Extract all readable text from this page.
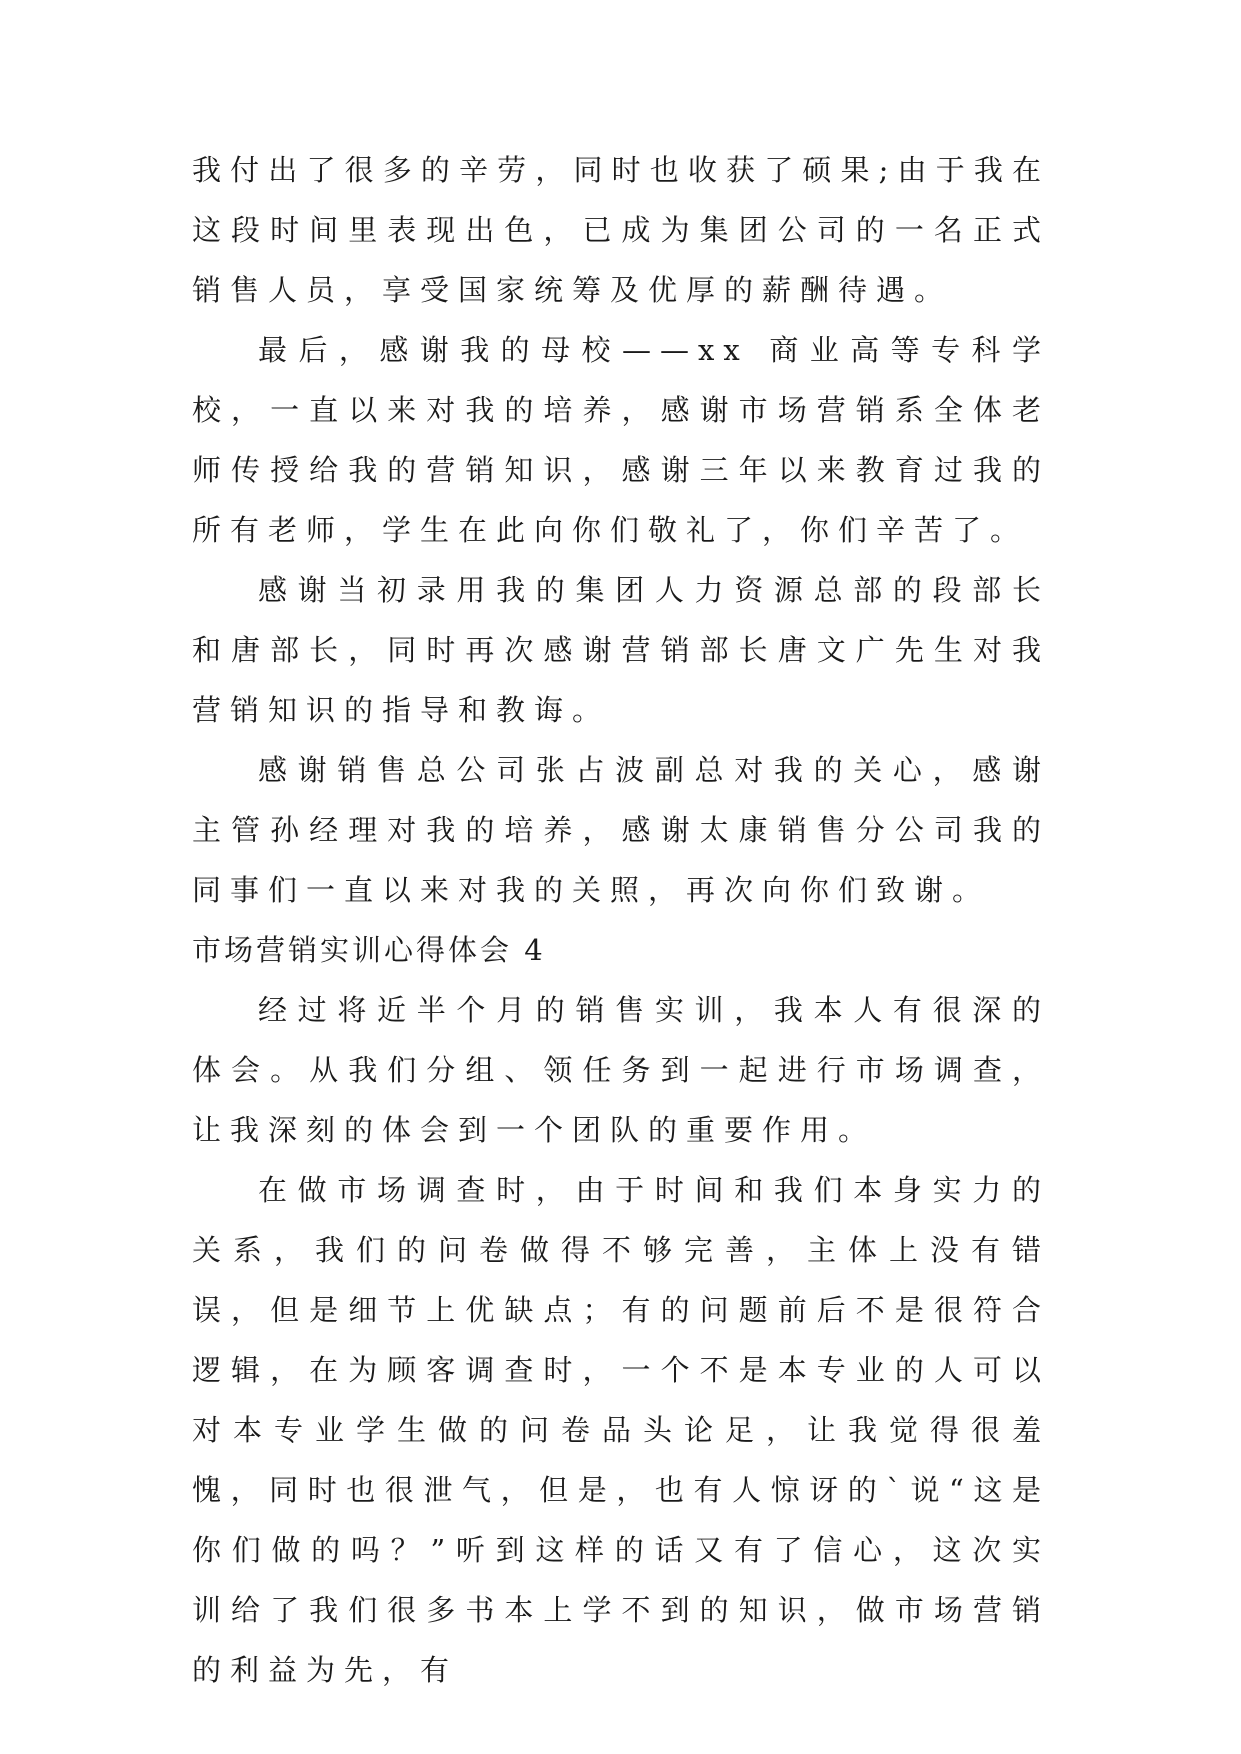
我付出了很多的辛劳，同时也收获了硕果;由于我在这段时间里表现出色，已成为集团公司的一名正式销售人员，享受国家统筹及优厚的薪酬待遇。

最后，感谢我的母校——xx 商业高等专科学校，一直以来对我的培养，感谢市场营销系全体老师传授给我的营销知识，感谢三年以来教育过我的所有老师，学生在此向你们敬礼了，你们辛苦了。

感谢当初录用我的集团人力资源总部的段部长和唐部长，同时再次感谢营销部长唐文广先生对我营销知识的指导和教诲。

感谢销售总公司张占波副总对我的关心，感谢主管孙经理对我的培养，感谢太康销售分公司我的同事们一直以来对我的关照，再次向你们致谢。

市场营销实训心得体会 4

经过将近半个月的销售实训，我本人有很深的体会。从我们分组、领任务到一起进行市场调查，让我深刻的体会到一个团队的重要作用。

在做市场调查时，由于时间和我们本身实力的关系，我们的问卷做得不够完善，主体上没有错误，但是细节上优缺点；有的问题前后不是很符合逻辑，在为顾客调查时，一个不是本专业的人可以对本专业学生做的问卷品头论足，让我觉得很羞愧，同时也很泄气，但是，也有人惊讶的`说“这是你们做的吗？”听到这样的话又有了信心，这次实训给了我们很多书本上学不到的知识，做市场营销的利益为先，有
